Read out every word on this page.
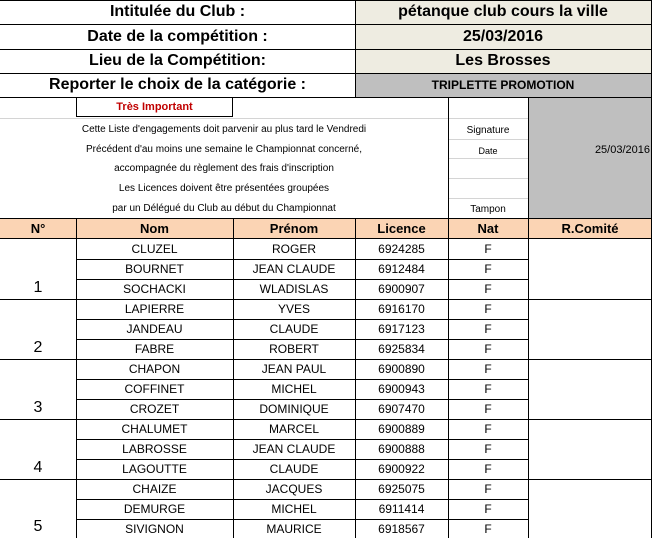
Intitulée du Club :	pétanque club cours la ville
Date de la compétition :	25/03/2016
Lieu de la Compétition:	Les Brosses
Reporter le choix de la catégorie :	TRIPLETTE PROMOTION
Très Important
Cette Liste d'engagements doit parvenir au plus tard le Vendredi
Précédent d'au moins une semaine le Championnat concerné,
accompagnée du règlement des frais d'inscription
Les Licences doivent être présentées groupées
par un Délégué du Club au début du Championnat
Signature
Date
Tampon
25/03/2016
N°	Nom	Prénom	Licence	Nat	R.Comité
1
CLUZEL	ROGER	6924285	F
BOURNET	JEAN CLAUDE	6912484	F
SOCHACKI	WLADISLAS	6900907	F
2
LAPIERRE	YVES	6916170	F
JANDEAU	CLAUDE	6917123	F
FABRE	ROBERT	6925834	F
3
CHAPON	JEAN PAUL	6900890	F
COFFINET	MICHEL	6900943	F
CROZET	DOMINIQUE	6907470	F
4
CHALUMET	MARCEL	6900889	F
LABROSSE	JEAN CLAUDE	6900888	F
LAGOUTTE	CLAUDE	6900922	F
5
CHAIZE	JACQUES	6925075	F
DEMURGE	MICHEL	6911414	F
SIVIGNON	MAURICE	6918567	F
